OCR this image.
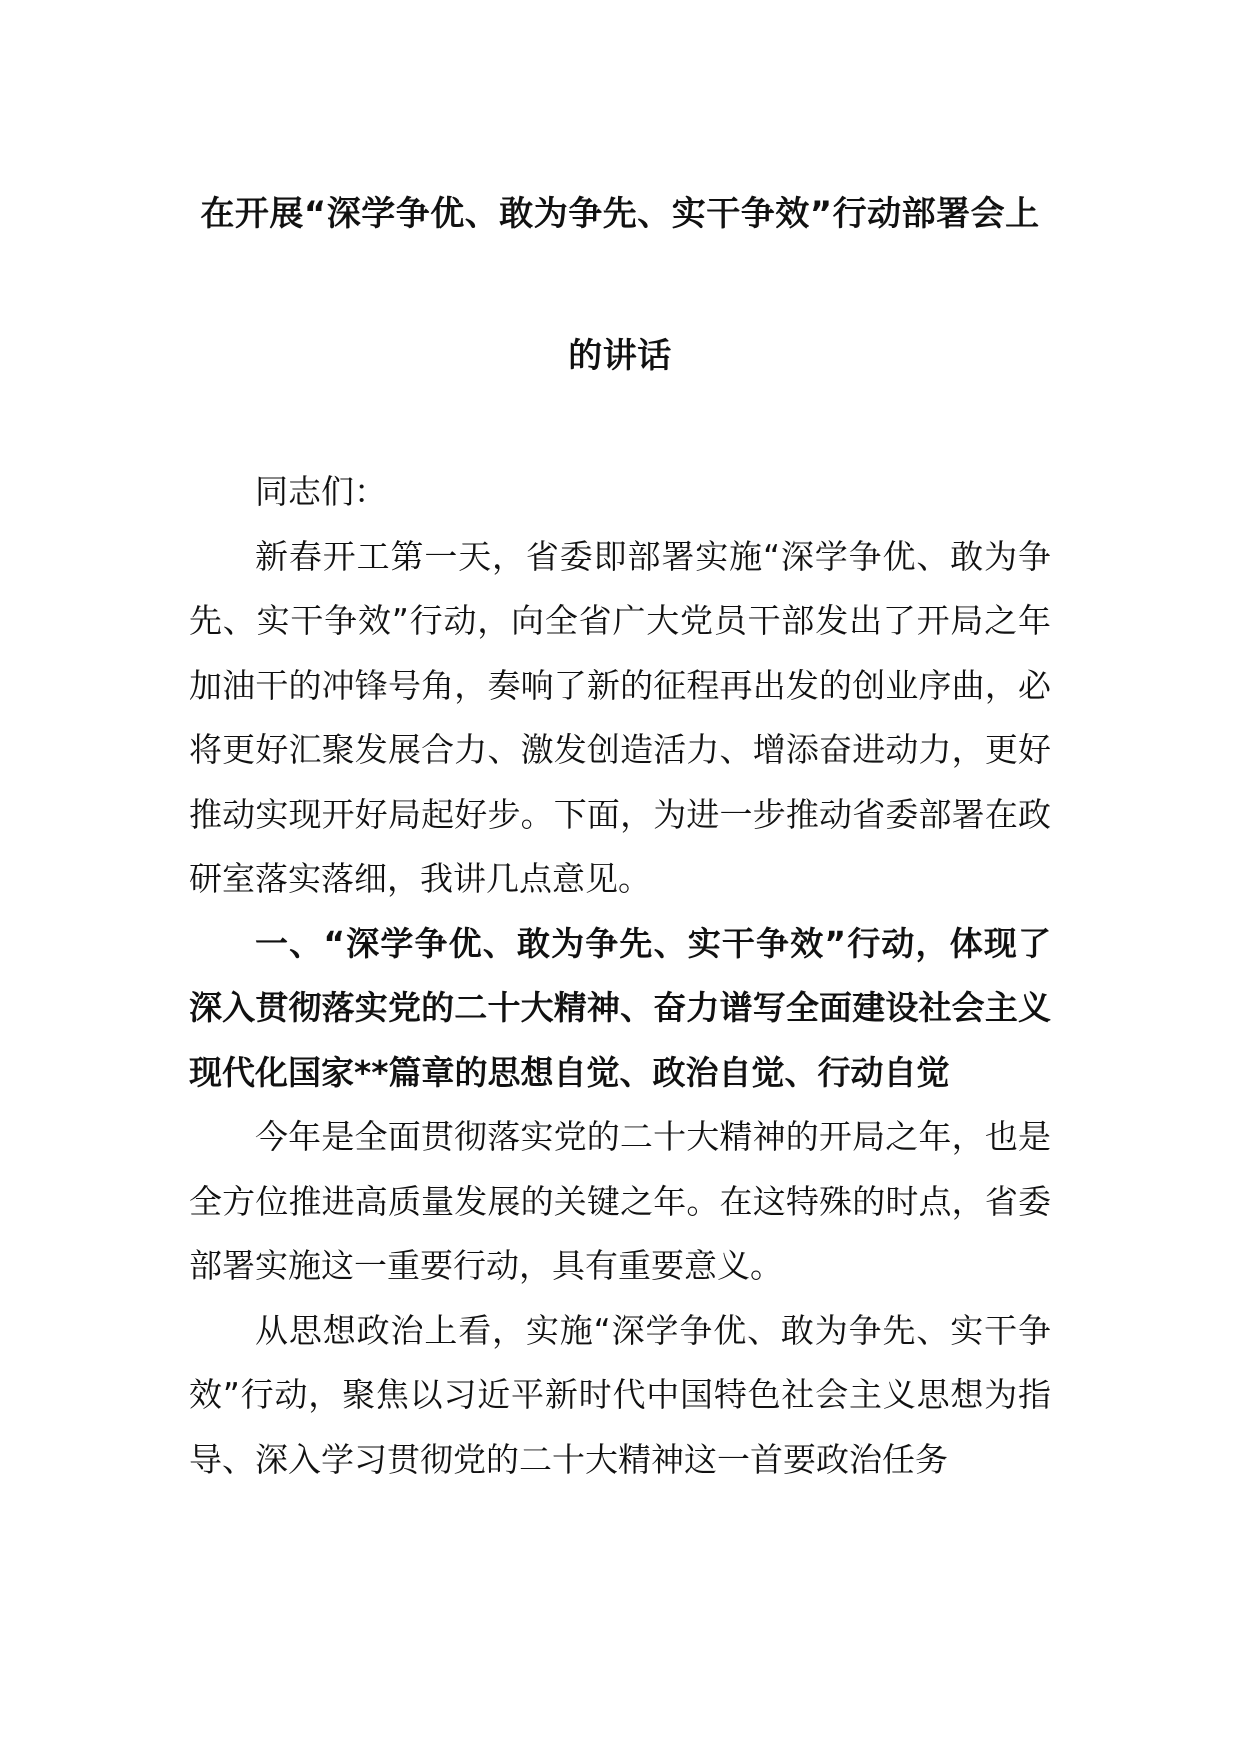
在开展“深学争优、敢为争先、实干争效”行动部署会上
的讲话

同志们：

新春开工第一天，省委即部署实施“深学争优、敢为争先、实干争效”行动，向全省广大党员干部发出了开局之年加油干的冲锋号角，奏响了新的征程再出发的创业序曲，必将更好汇聚发展合力、激发创造活力、增添奋进动力，更好推动实现开好局起好步。下面，为进一步推动省委部署在政研室落实落细，我讲几点意见。

一、“深学争优、敢为争先、实干争效”行动，体现了深入贯彻落实党的二十大精神、奋力谱写全面建设社会主义现代化国家**篇章的思想自觉、政治自觉、行动自觉

今年是全面贯彻落实党的二十大精神的开局之年，也是全方位推进高质量发展的关键之年。在这特殊的时点，省委部署实施这一重要行动，具有重要意义。

从思想政治上看，实施“深学争优、敢为争先、实干争效”行动，聚焦以习近平新时代中国特色社会主义思想为指导、深入学习贯彻党的二十大精神这一首要政治任务
